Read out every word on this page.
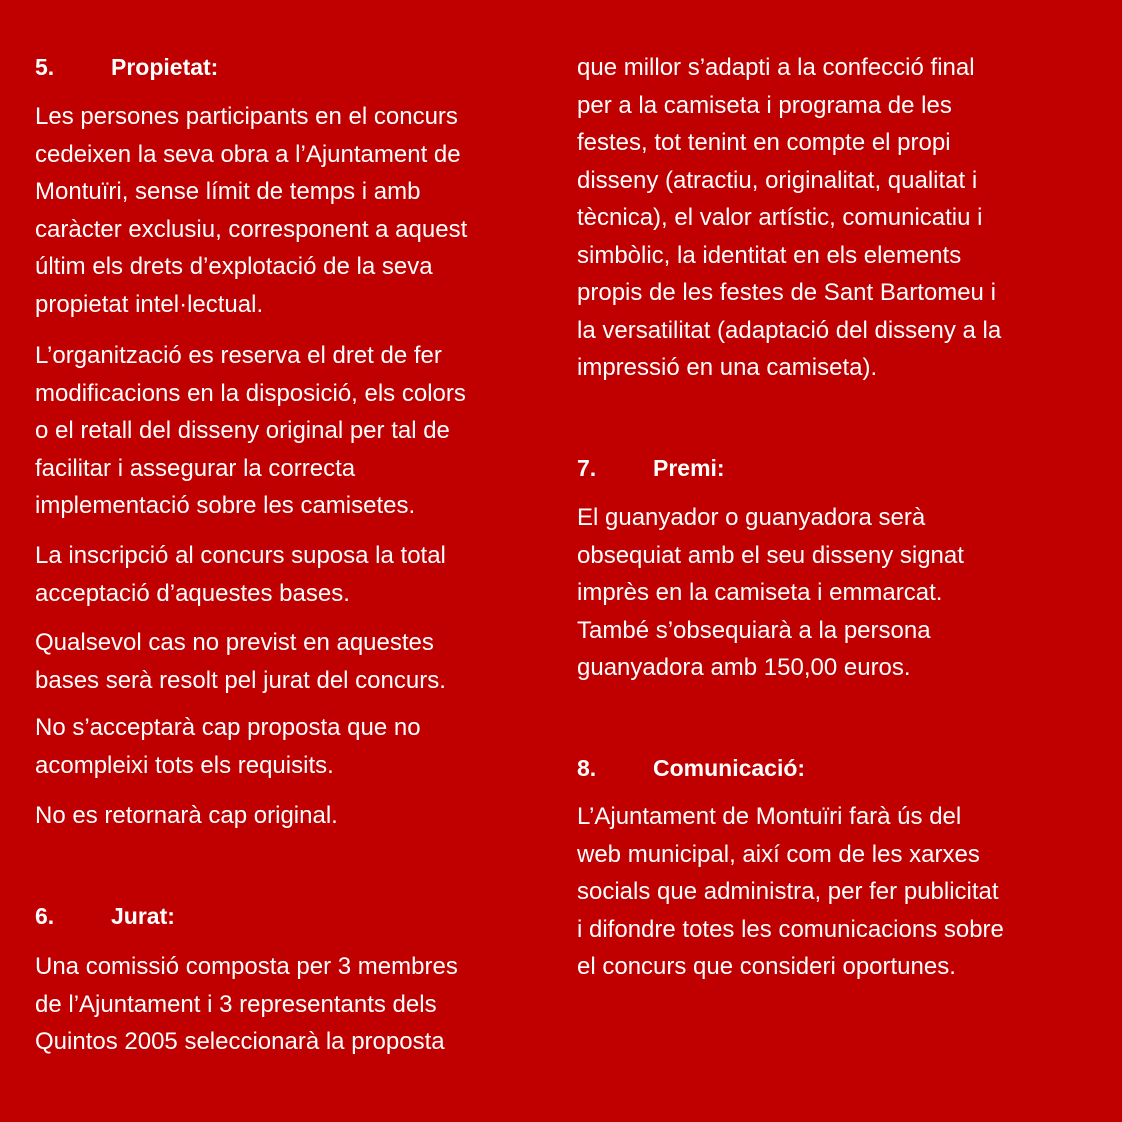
5. Propietat:
Les persones participants en el concurs
cedeixen la seva obra a l’Ajuntament de
Montuïri, sense límit de temps i amb
caràcter exclusiu, corresponent a aquest
últim els drets d’explotació de la seva
propietat intel·lectual.
L’organització es reserva el dret de fer
modificacions en la disposició, els colors
o el retall del disseny original per tal de
facilitar i assegurar la correcta
implementació sobre les camisetes.
La inscripció al concurs suposa la total
acceptació d’aquestes bases.
Qualsevol cas no previst en aquestes
bases serà resolt pel jurat del concurs.
No s’acceptarà cap proposta que no
acompleixi tots els requisits.
No es retornarà cap original.
6. Jurat:
Una comissió composta per 3 membres
de l’Ajuntament i 3 representants dels
Quintos 2005 seleccionarà la proposta
que millor s’adapti a la confecció final
per a la camiseta i programa de les
festes, tot tenint en compte el propi
disseny (atractiu, originalitat, qualitat i
tècnica), el valor artístic, comunicatiu i
simbòlic, la identitat en els elements
propis de les festes de Sant Bartomeu i
la versatilitat (adaptació del disseny a la
impressió en una camiseta).
7. Premi:
El guanyador o guanyadora serà
obsequiat amb el seu disseny signat
imprès en la camiseta i emmarcat.
També s’obsequiarà a la persona
guanyadora amb 150,00 euros.
8. Comunicació:
L’Ajuntament de Montuïri farà ús del
web municipal, així com de les xarxes
socials que administra, per fer publicitat
i difondre totes les comunicacions sobre
el concurs que consideri oportunes.
